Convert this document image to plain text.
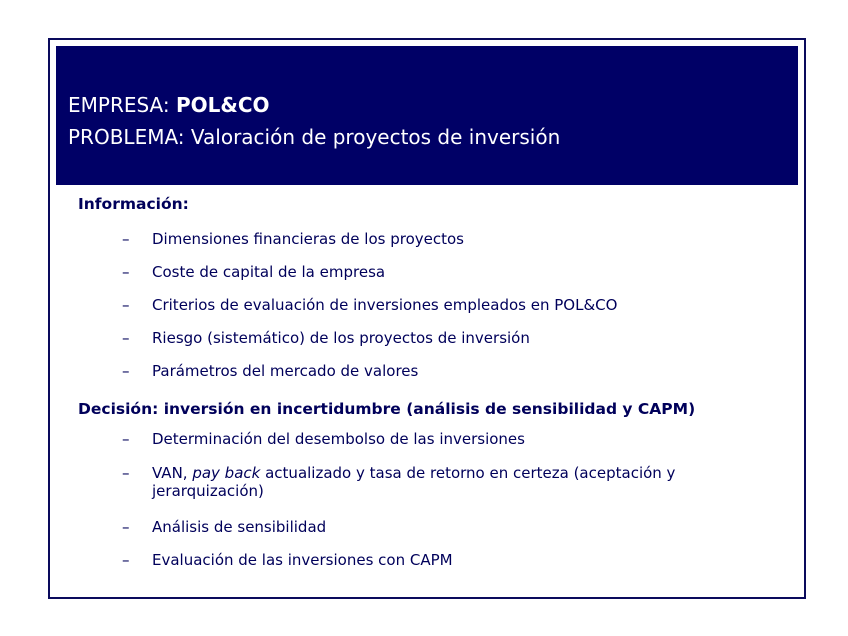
EMPRESA: POL&CO
PROBLEMA: Valoración de proyectos de inversión
Información:
– Dimensiones financieras de los proyectos
– Coste de capital de la empresa
– Criterios de evaluación de inversiones empleados en POL&CO
– Riesgo (sistemático) de los proyectos de inversión
– Parámetros del mercado de valores
Decisión: inversión en incertidumbre (análisis de sensibilidad y CAPM)
– Determinación del desembolso de las inversiones
– VAN, pay back actualizado y tasa de retorno en certeza (aceptación y jerarquización)
– Análisis de sensibilidad
– Evaluación de las inversiones con CAPM
